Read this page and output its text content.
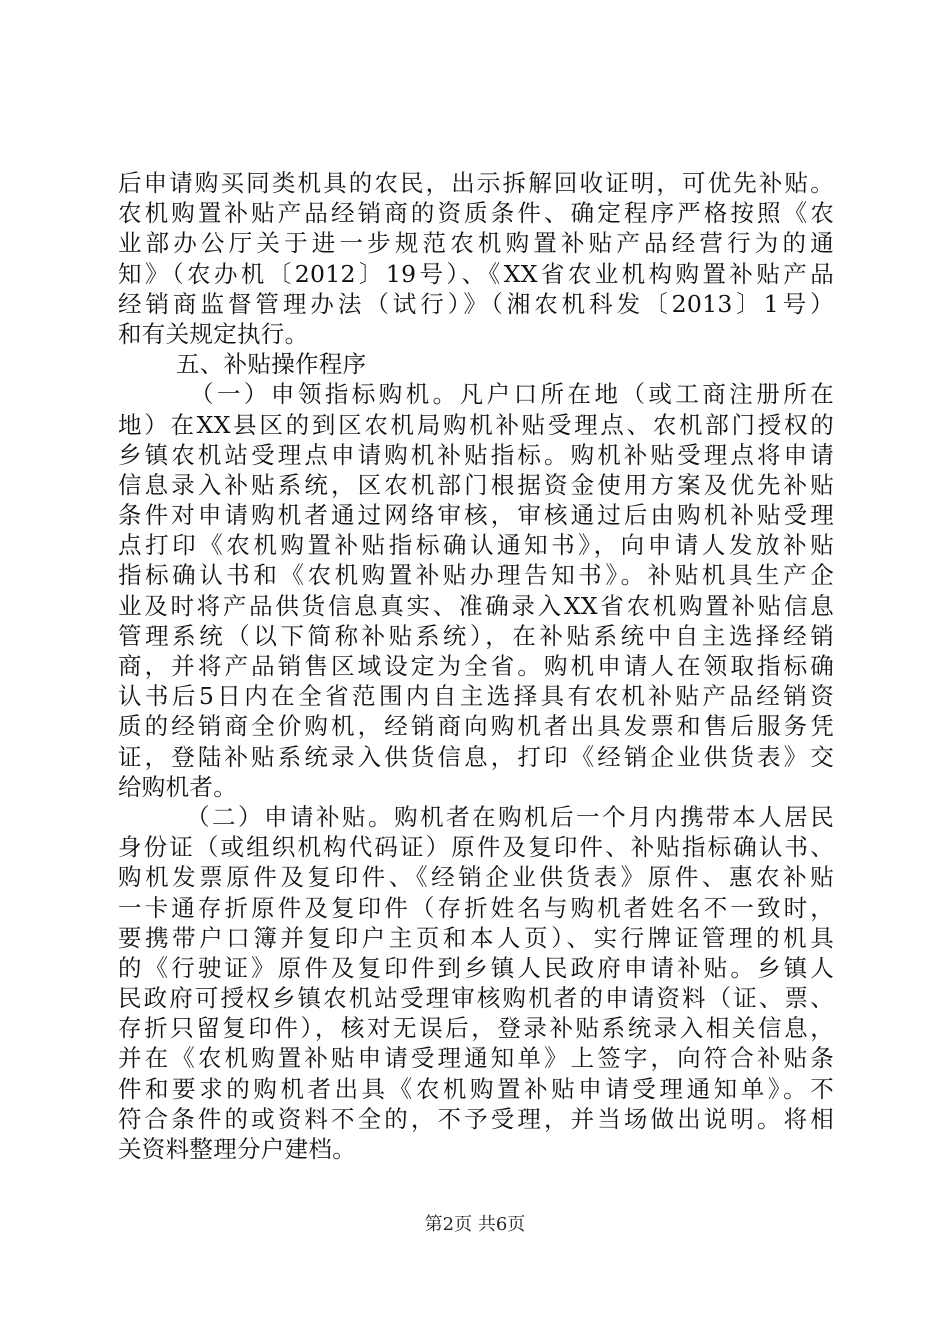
后申请购买同类机具的农民，出示拆解回收证明，可优先补贴。
农机购置补贴产品经销商的资质条件、确定程序严格按照《农
业部办公厅关于进一步规范农机购置补贴产品经营行为的通
知》（农办机〔2012〕19号）、《XX省农业机构购置补贴产品
经销商监督管理办法（试行）》（湘农机科发〔2013〕1号）
和有关规定执行。
五、补贴操作程序
（一）申领指标购机。凡户口所在地（或工商注册所在
地）在XX县区的到区农机局购机补贴受理点、农机部门授权的
乡镇农机站受理点申请购机补贴指标。购机补贴受理点将申请
信息录入补贴系统，区农机部门根据资金使用方案及优先补贴
条件对申请购机者通过网络审核，审核通过后由购机补贴受理
点打印《农机购置补贴指标确认通知书》，向申请人发放补贴
指标确认书和《农机购置补贴办理告知书》。补贴机具生产企
业及时将产品供货信息真实、准确录入XX省农机购置补贴信息
管理系统（以下简称补贴系统），在补贴系统中自主选择经销
商，并将产品销售区域设定为全省。购机申请人在领取指标确
认书后5日内在全省范围内自主选择具有农机补贴产品经销资
质的经销商全价购机，经销商向购机者出具发票和售后服务凭
证，登陆补贴系统录入供货信息，打印《经销企业供货表》交
给购机者。
（二）申请补贴。购机者在购机后一个月内携带本人居民
身份证（或组织机构代码证）原件及复印件、补贴指标确认书、
购机发票原件及复印件、《经销企业供货表》原件、惠农补贴
一卡通存折原件及复印件（存折姓名与购机者姓名不一致时，
要携带户口簿并复印户主页和本人页）、实行牌证管理的机具
的《行驶证》原件及复印件到乡镇人民政府申请补贴。乡镇人
民政府可授权乡镇农机站受理审核购机者的申请资料（证、票、
存折只留复印件），核对无误后，登录补贴系统录入相关信息，
并在《农机购置补贴申请受理通知单》上签字，向符合补贴条
件和要求的购机者出具《农机购置补贴申请受理通知单》。不
符合条件的或资料不全的，不予受理，并当场做出说明。将相
关资料整理分户建档。
第2页 共6页
